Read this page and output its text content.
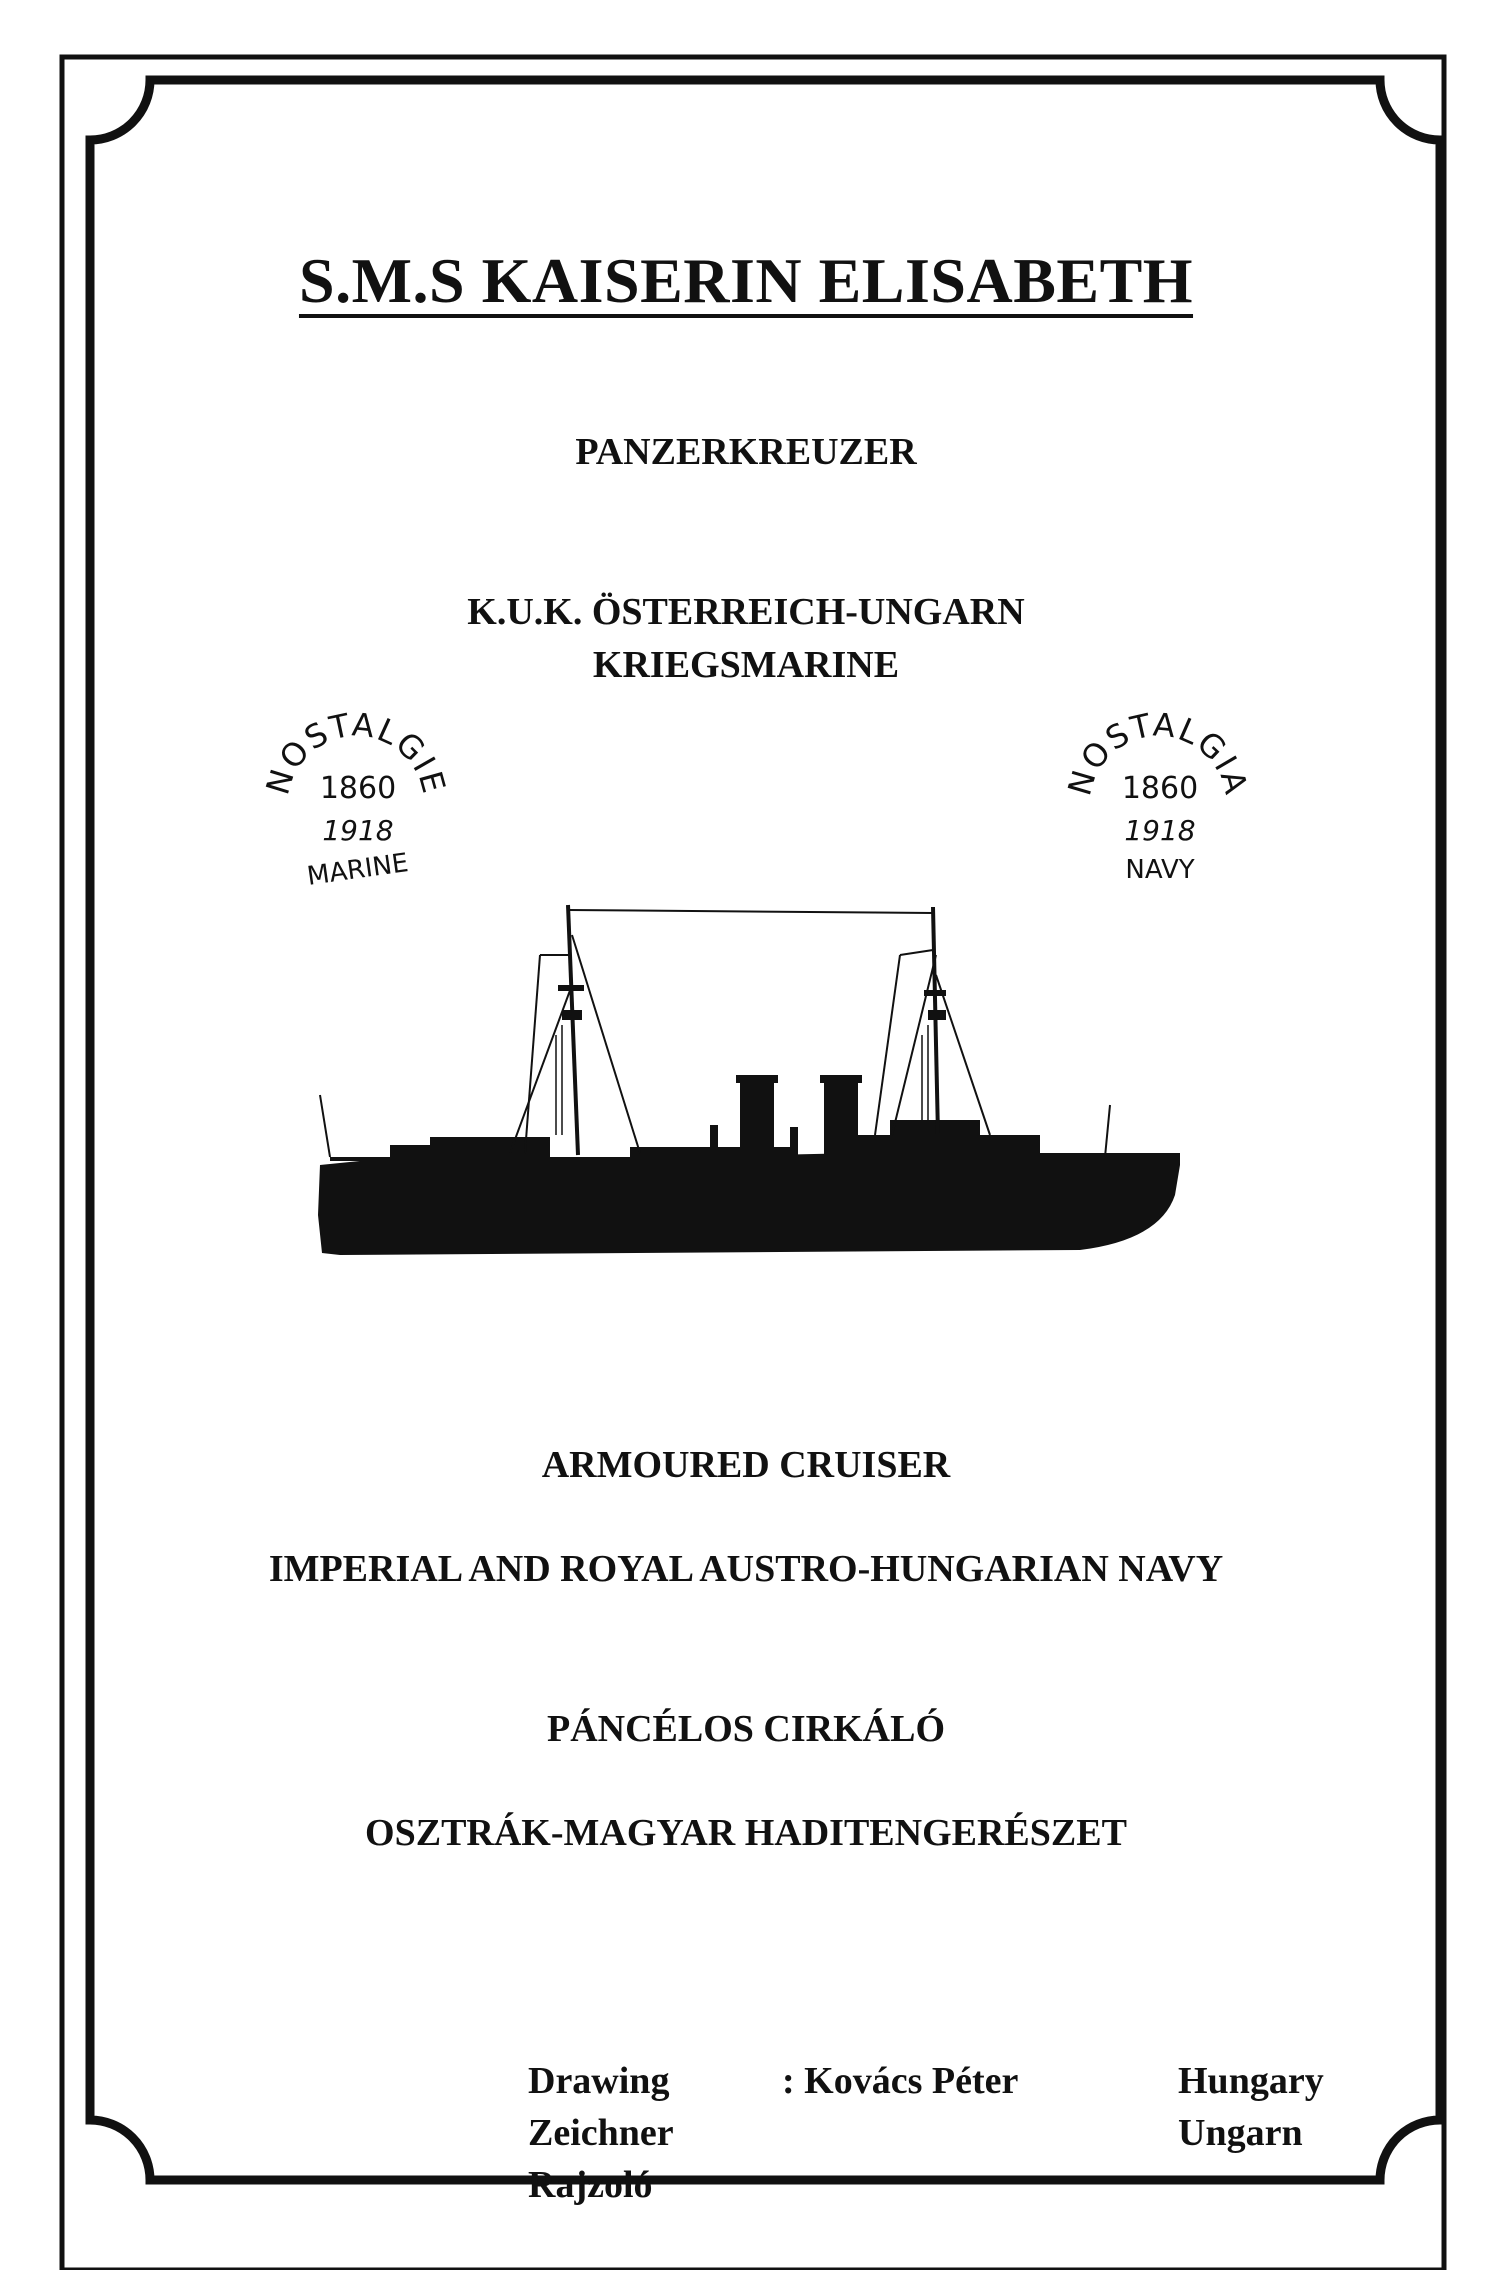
S.M.S KAISERIN ELISABETH
PANZERKREUZER
K.U.K. ÖSTERREICH-UNGARN
KRIEGSMARINE
NOSTALGIE
1860
1918
MARINE
NOSTALGIA
1860
1918
NAVY
ARMOURED CRUISER
IMPERIAL AND ROYAL AUSTRO-HUNGARIAN NAVY
PÁNCÉLOS CIRKÁLÓ
OSZTRÁK-MAGYAR HADITENGERÉSZET
Drawing
Zeichner
Rajzoló
: Kovács Péter	Hungary
Ungarn
